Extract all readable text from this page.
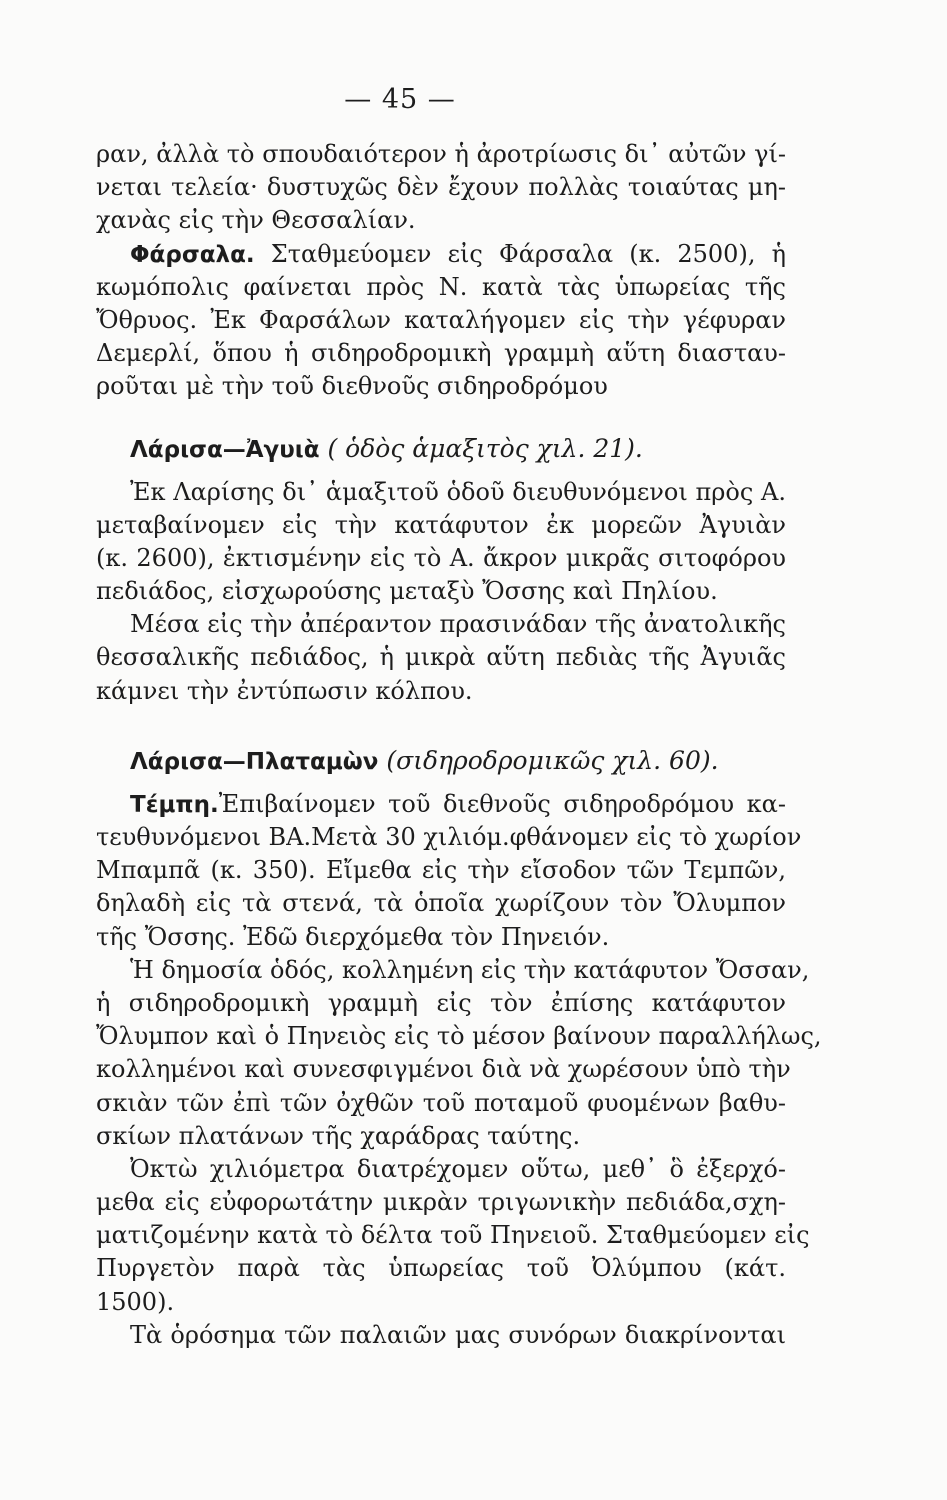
— 45 —
ραν, ἀλλὰ τὸ σπουδαιότερον ἡ ἀροτρίωσις δι᾽ αὐτῶν γί-
νεται τελεία· δυστυχῶς δὲν ἔχουν πολλὰς τοιαύτας μη-
χανὰς εἰς τὴν Θεσσαλίαν.
Φάρσαλα. Σταθμεύομεν εἰς Φάρσαλα (κ. 2500), ἡ
κωμόπολις φαίνεται πρὸς Ν. κατὰ τὰς ὑπωρείας τῆς
Ὄθρυος. Ἐκ Φαρσάλων καταλήγομεν εἰς τὴν γέφυραν
Δεμερλί, ὅπου ἡ σιδηροδρομικὴ γραμμὴ αὕτη διασταυ-
ροῦται μὲ τὴν τοῦ διεθνοῦς σιδηροδρόμου
Λάρισα—Ἀγυιὰ ( ὁδὸς ἁμαξιτὸς χιλ. 21).
Ἐκ Λαρίσης δι᾽ ἁμαξιτοῦ ὁδοῦ διευθυνόμενοι πρὸς Α.
μεταβαίνομεν εἰς τὴν κατάφυτον ἐκ μορεῶν Ἀγυιὰν
(κ. 2600), ἐκτισμένην εἰς τὸ Α. ἄκρον μικρᾶς σιτοφόρου
πεδιάδος, εἰσχωρούσης μεταξὺ Ὄσσης καὶ Πηλίου.
Μέσα εἰς τὴν ἀπέραντον πρασινάδαν τῆς ἀνατολικῆς
θεσσαλικῆς πεδιάδος, ἡ μικρὰ αὕτη πεδιὰς τῆς Ἀγυιᾶς
κάμνει τὴν ἐντύπωσιν κόλπου.
Λάρισα—Πλαταμὼν (σιδηροδρομικῶς χιλ. 60).
Τέμπη.Ἐπιβαίνομεν τοῦ διεθνοῦς σιδηροδρόμου κα-
τευθυνόμενοι ΒΑ.Μετὰ 30 χιλιόμ.φθάνομεν εἰς τὸ χωρίον
Μπαμπᾶ (κ. 350). Εἴμεθα εἰς τὴν εἴσοδον τῶν Τεμπῶν,
δηλαδὴ εἰς τὰ στενά, τὰ ὁποῖα χωρίζουν τὸν Ὄλυμπον
τῆς Ὄσσης. Ἐδῶ διερχόμεθα τὸν Πηνειόν.
Ἡ δημοσία ὁδός, κολλημένη εἰς τὴν κατάφυτον Ὄσσαν,
ἡ σιδηροδρομικὴ γραμμὴ εἰς τὸν ἐπίσης κατάφυτον
Ὄλυμπον καὶ ὁ Πηνειὸς εἰς τὸ μέσον βαίνουν παραλλήλως,
κολλημένοι καὶ συνεσφιγμένοι διὰ νὰ χωρέσουν ὑπὸ τὴν
σκιὰν τῶν ἐπὶ τῶν ὀχθῶν τοῦ ποταμοῦ φυομένων βαθυ-
σκίων πλατάνων τῆς χαράδρας ταύτης.
Ὀκτὼ χιλιόμετρα διατρέχομεν οὕτω, μεθ᾽ ὃ ἐξερχό-
μεθα εἰς εὐφορωτάτην μικρὰν τριγωνικὴν πεδιάδα,σχη-
ματιζομένην κατὰ τὸ δέλτα τοῦ Πηνειοῦ. Σταθμεύομεν εἰς
Πυργετὸν παρὰ τὰς ὑπωρείας τοῦ Ὀλύμπου (κάτ.
1500).
Τὰ ὁρόσημα τῶν παλαιῶν μας συνόρων διακρίνονται
